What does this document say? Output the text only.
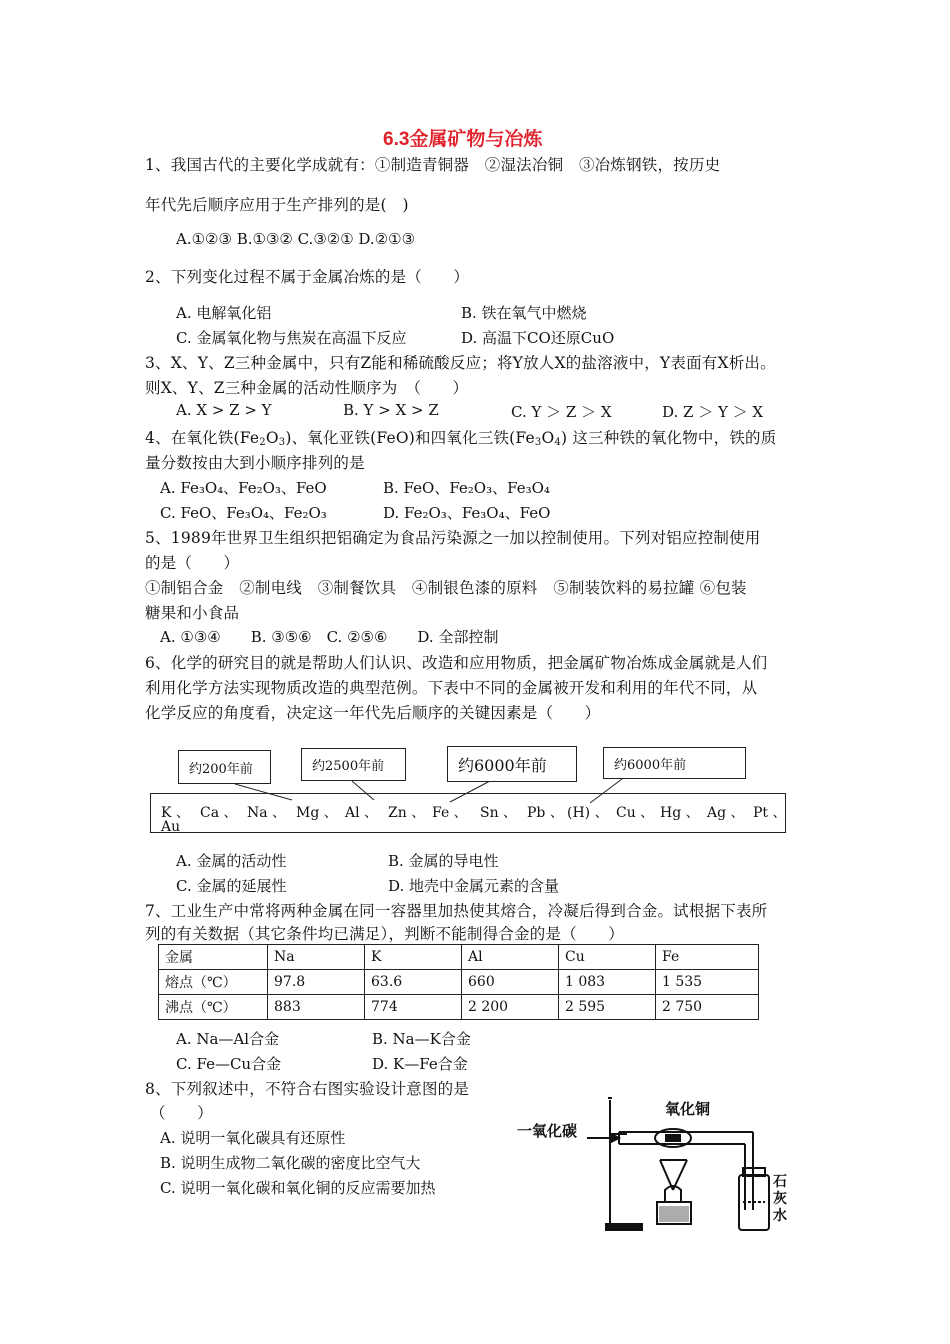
6.3金属矿物与冶炼
1、我国古代的主要化学成就有：①制造青铜器　②湿法冶铜　③冶炼钢铁，按历史
年代先后顺序应用于生产排列的是(　)
A.①②③ B.①③② C.③②① D.②①③
2、下列变化过程不属于金属冶炼的是（　　）
A. 电解氧化铝	B. 铁在氧气中燃烧
C. 金属氧化物与焦炭在高温下反应	D. 高温下CO还原CuO
3、X、Y、Z三种金属中，只有Z能和稀硫酸反应；将Y放人X的盐溶液中，Y表面有X析出。
则X、Y、Z三种金属的活动性顺序为　（　　）
A. X > Z > Y	B. Y > X > Z	C. Y ＞ Z ＞ X	D. Z ＞ Y ＞ X
4、在氧化铁$(Fe_2O_3)$、氧化亚铁(FeO)和四氧化三铁$(Fe_3O_4)$ 这三种铁的氧化物中，铁的质
量分数按由大到小顺序排列的是
A. Fe₃O₄、Fe₂O₃、FeO	B. FeO、Fe₂O₃、Fe₃O₄
C. FeO、Fe₃O₄、Fe₂O₃	D. Fe₂O₃、Fe₃O₄、FeO
5、1989年世界卫生组织把铝确定为食品污染源之一加以控制使用。下列对铝应控制使用
的是（　　）
①制铝合金　②制电线　③制餐饮具　④制银色漆的原料　⑤制装饮料的易拉罐 ⑥包装
糖果和小食品
A. ①③④　　B. ③⑤⑥　C. ②⑤⑥　　D. 全部控制
6、化学的研究目的就是帮助人们认识、改造和应用物质，把金属矿物冶炼成金属就是人们
利用化学方法实现物质改造的典型范例。下表中不同的金属被开发和利用的年代不同，从
化学反应的角度看，决定这一年代先后顺序的关键因素是（　　）
约200年前	约2500年前	约6000年前	约6000年前
K 、 Ca 、 Na 、 Mg 、 Al 、 Zn 、 Fe 、 Sn 、 Pb 、 (H) 、 Cu 、 Hg 、 Ag 、 Pt 、
Au
A. 金属的活动性	B. 金属的导电性
C. 金属的延展性	D. 地壳中金属元素的含量
7、工业生产中常将两种金属在同一容器里加热使其熔合，冷凝后得到合金。试根据下表所
列的有关数据（其它条件均已满足），判断不能制得合金的是（　　）
金属	Na	K	Al	Cu	Fe
熔点（℃）	97.8	63.6	660	1 083	1 535
沸点（℃）	883	774	2 200	2 595	2 750
A. Na—Al合金	B. Na—K合金
C. Fe—Cu合金	D. K—Fe合金
8、下列叙述中，不符合右图实验设计意图的是
（　　）
A. 说明一氧化碳具有还原性
B. 说明生成物二氧化碳的密度比空气大
C. 说明一氧化碳和氧化铜的反应需要加热
一氧化碳
氧化铜
石
灰
水
